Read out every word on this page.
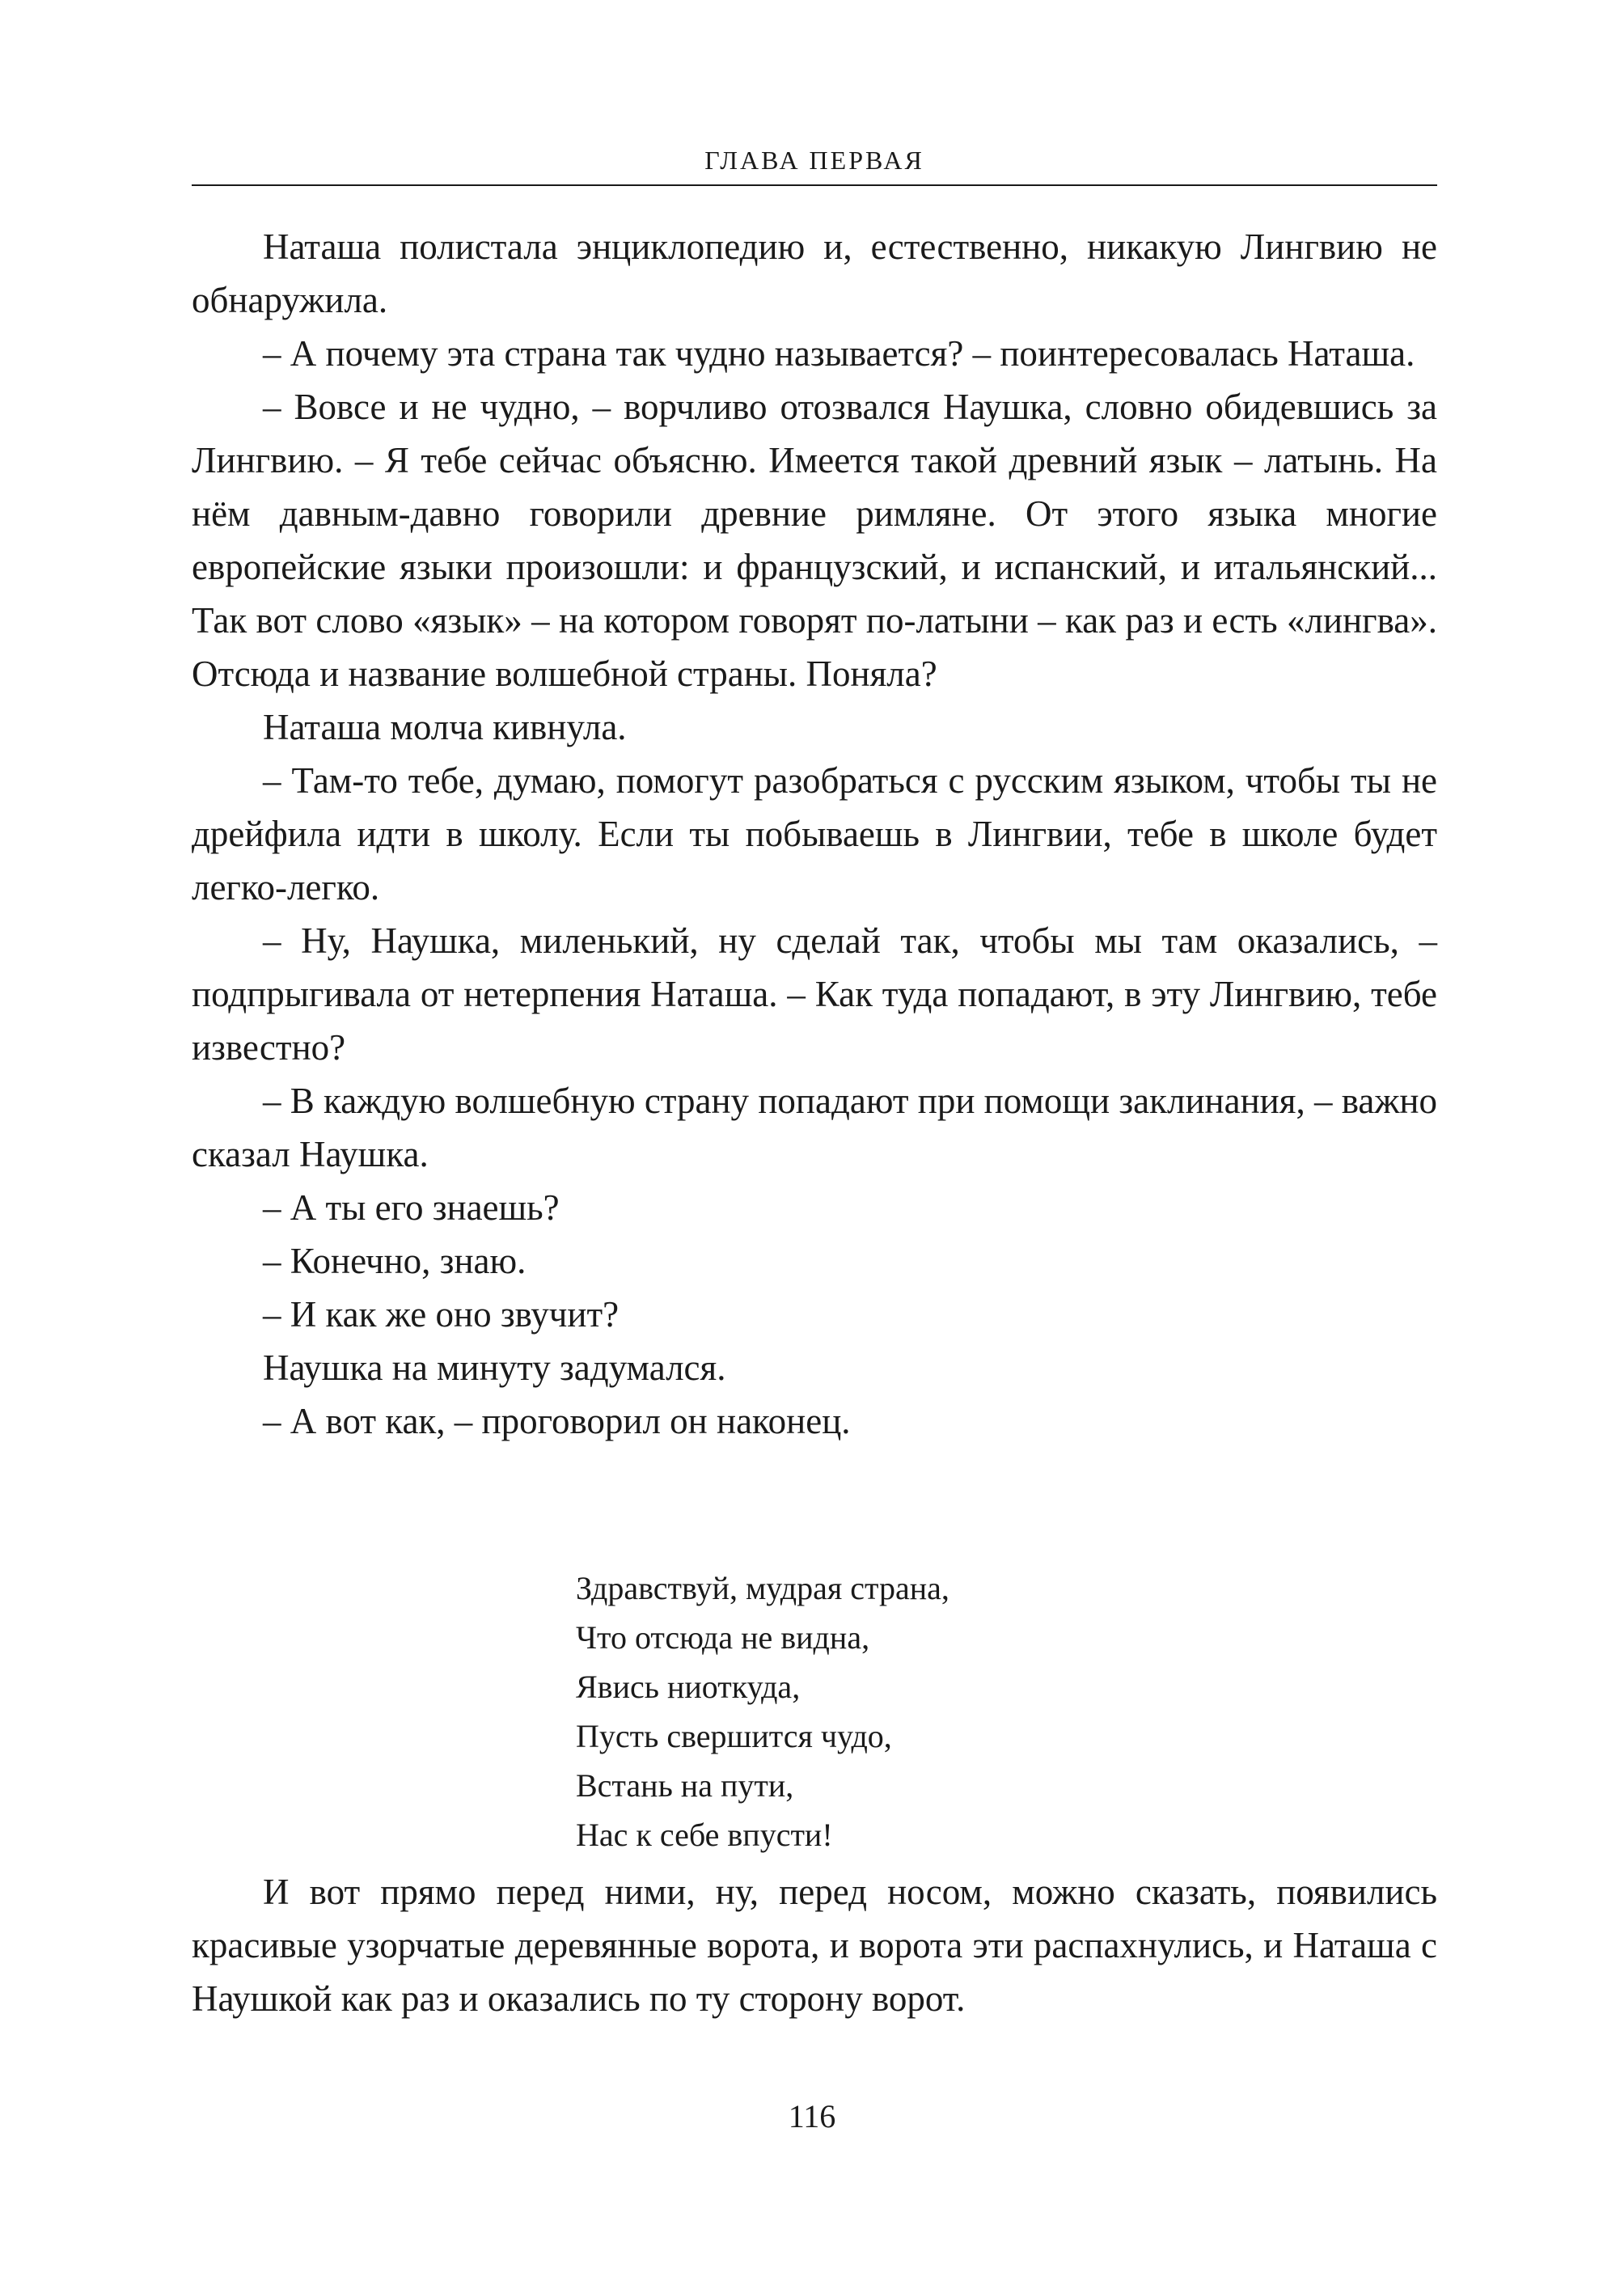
ГЛАВА ПЕРВАЯ

Наташа полистала энциклопедию и, естественно, никакую Лингвию не обнаружила.

– А почему эта страна так чудно называется? – поинтересовалась Наташа.

– Вовсе и не чудно, – ворчливо отозвался Наушка, словно обидевшись за Лингвию. – Я тебе сейчас объясню. Имеется такой древний язык – латынь. На нём давным-давно говорили древние римляне. От этого языка многие европейские языки произошли: и французский, и испанский, и итальянский... Так вот слово «язык» – на котором говорят по-латыни – как раз и есть «лингва». Отсюда и название волшебной страны. Поняла?

Наташа молча кивнула.

– Там-то тебе, думаю, помогут разобраться с русским языком, чтобы ты не дрейфила идти в школу. Если ты побываешь в Лингвии, тебе в школе будет легко-легко.

– Ну, Наушка, миленький, ну сделай так, чтобы мы там оказались, – подпрыгивала от нетерпения Наташа. – Как туда попадают, в эту Лингвию, тебе известно?

– В каждую волшебную страну попадают при помощи заклинания, – важно сказал Наушка.

– А ты его знаешь?

– Конечно, знаю.

– И как же оно звучит?

Наушка на минуту задумался.

– А вот как, – проговорил он наконец.

Здравствуй, мудрая страна,
Что отсюда не видна,
Явись ниоткуда,
Пусть свершится чудо,
Встань на пути,
Нас к себе впусти!

И вот прямо перед ними, ну, перед носом, можно сказать, появились красивые узорчатые деревянные ворота, и ворота эти распахнулись, и Наташа с Наушкой как раз и оказались по ту сторону ворот.

116
